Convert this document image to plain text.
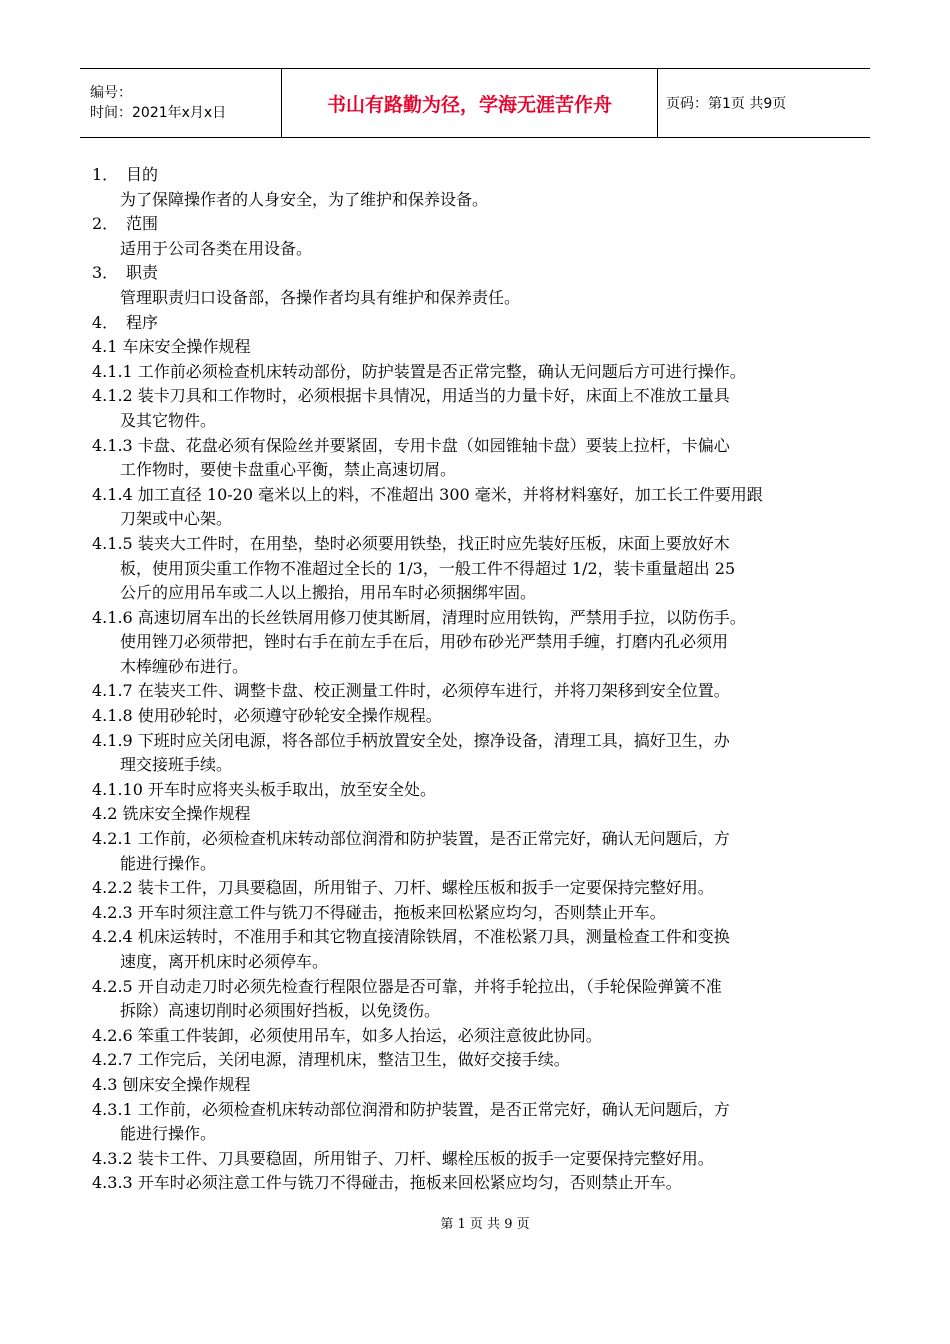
编号：
时间：2021年x月x日	书山有路勤为径，学海无涯苦作舟	页码：第1页 共9页
1． 目的
为了保障操作者的人身安全，为了维护和保养设备。
2． 范围
适用于公司各类在用设备。
3． 职责
管理职责归口设备部，各操作者均具有维护和保养责任。
4． 程序
4.1 车床安全操作规程
4.1.1 工作前必须检查机床转动部份，防护装置是否正常完整，确认无问题后方可进行操作。
4.1.2 装卡刀具和工作物时，必须根据卡具情况，用适当的力量卡好，床面上不准放工量具
及其它物件。
4.1.3 卡盘、花盘必须有保险丝并要紧固，专用卡盘（如园锥轴卡盘）要装上拉杆，卡偏心
工作物时，要使卡盘重心平衡，禁止高速切屑。
4.1.4 加工直径 10-20 毫米以上的料，不准超出 300 毫米，并将材料塞好，加工长工件要用跟
刀架或中心架。
4.1.5 装夹大工件时，在用垫，垫时必须要用铁垫，找正时应先装好压板，床面上要放好木
板，使用顶尖重工作物不准超过全长的 1/3，一般工件不得超过 1/2，装卡重量超出 25
公斤的应用吊车或二人以上搬抬，用吊车时必须捆绑牢固。
4.1.6 高速切屑车出的长丝铁屑用修刀使其断屑，清理时应用铁钩，严禁用手拉，以防伤手。
使用锉刀必须带把，锉时右手在前左手在后，用砂布砂光严禁用手缠，打磨内孔必须用
木棒缠砂布进行。
4.1.7 在装夹工件、调整卡盘、校正测量工件时，必须停车进行，并将刀架移到安全位置。
4.1.8 使用砂轮时，必须遵守砂轮安全操作规程。
4.1.9 下班时应关闭电源，将各部位手柄放置安全处，擦净设备，清理工具，搞好卫生，办
理交接班手续。
4.1.10 开车时应将夹头板手取出，放至安全处。
4.2 铣床安全操作规程
4.2.1 工作前，必须检查机床转动部位润滑和防护装置，是否正常完好，确认无问题后，方
能进行操作。
4.2.2 装卡工件，刀具要稳固，所用钳子、刀杆、螺栓压板和扳手一定要保持完整好用。
4.2.3 开车时须注意工件与铣刀不得碰击，拖板来回松紧应均匀，否则禁止开车。
4.2.4 机床运转时，不准用手和其它物直接清除铁屑，不准松紧刀具，测量检查工件和变换
速度，离开机床时必须停车。
4.2.5 开自动走刀时必须先检查行程限位器是否可靠，并将手轮拉出，（手轮保险弹簧不准
拆除）高速切削时必须围好挡板，以免烫伤。
4.2.6 笨重工件装卸，必须使用吊车，如多人抬运，必须注意彼此协同。
4.2.7 工作完后，关闭电源，清理机床，整洁卫生，做好交接手续。
4.3 刨床安全操作规程
4.3.1 工作前，必须检查机床转动部位润滑和防护装置，是否正常完好，确认无问题后，方
能进行操作。
4.3.2 装卡工件、刀具要稳固，所用钳子、刀杆、螺栓压板的扳手一定要保持完整好用。
4.3.3 开车时必须注意工件与铣刀不得碰击，拖板来回松紧应均匀，否则禁止开车。
第 1 页 共 9 页
